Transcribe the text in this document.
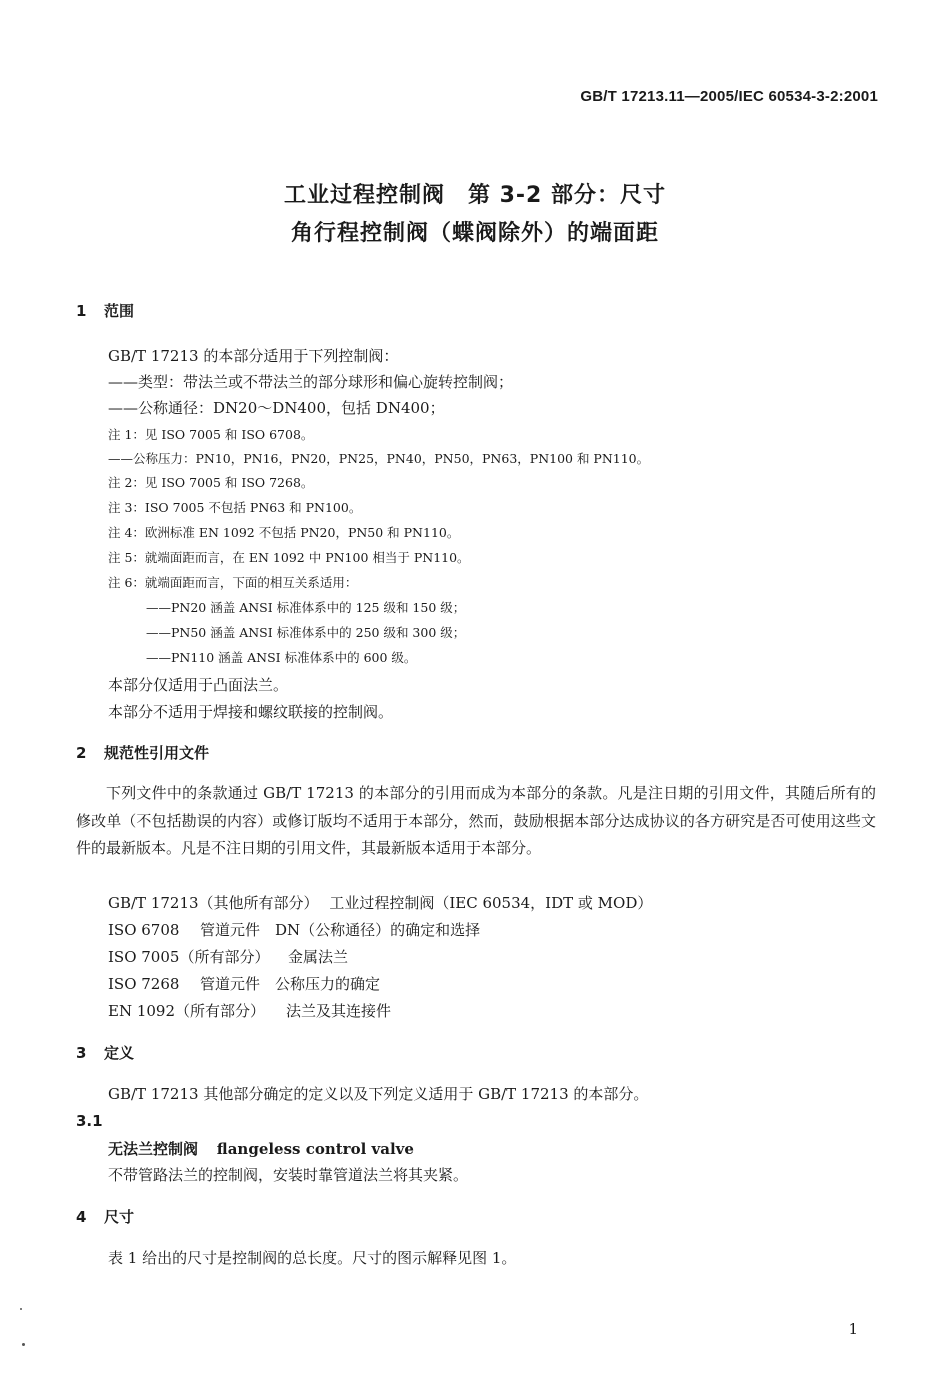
GB/T 17213.11—2005/IEC 60534-3-2:2001
工业过程控制阀　第 3-2 部分：尺寸
角行程控制阀（蝶阀除外）的端面距
1 范围
GB/T 17213 的本部分适用于下列控制阀：
——类型：带法兰或不带法兰的部分球形和偏心旋转控制阀；
——公称通径：DN20～DN400，包括 DN400；
注 1：见 ISO 7005 和 ISO 6708。
——公称压力：PN10，PN16，PN20，PN25，PN40，PN50，PN63，PN100 和 PN110。
注 2：见 ISO 7005 和 ISO 7268。
注 3：ISO 7005 不包括 PN63 和 PN100。
注 4：欧洲标准 EN 1092 不包括 PN20，PN50 和 PN110。
注 5：就端面距而言，在 EN 1092 中 PN100 相当于 PN110。
注 6：就端面距而言，下面的相互关系适用：
——PN20 涵盖 ANSI 标准体系中的 125 级和 150 级；
——PN50 涵盖 ANSI 标准体系中的 250 级和 300 级；
——PN110 涵盖 ANSI 标准体系中的 600 级。
本部分仅适用于凸面法兰。
本部分不适用于焊接和螺纹联接的控制阀。
2 规范性引用文件
下列文件中的条款通过 GB/T 17213 的本部分的引用而成为本部分的条款。凡是注日期的引用文件，其随后所有的修改单（不包括勘误的内容）或修订版均不适用于本部分，然而，鼓励根据本部分达成协议的各方研究是否可使用这些文件的最新版本。凡是不注日期的引用文件，其最新版本适用于本部分。
GB/T 17213（其他所有部分） 工业过程控制阀（IEC 60534，IDT 或 MOD）
ISO 6708 管道元件　DN（公称通径）的确定和选择
ISO 7005（所有部分） 金属法兰
ISO 7268 管道元件　公称压力的确定
EN 1092（所有部分） 法兰及其连接件
3 定义
GB/T 17213 其他部分确定的定义以及下列定义适用于 GB/T 17213 的本部分。
3.1
无法兰控制阀 flangeless control valve
不带管路法兰的控制阀，安装时靠管道法兰将其夹紧。
4 尺寸
表 1 给出的尺寸是控制阀的总长度。尺寸的图示解释见图 1。
1
